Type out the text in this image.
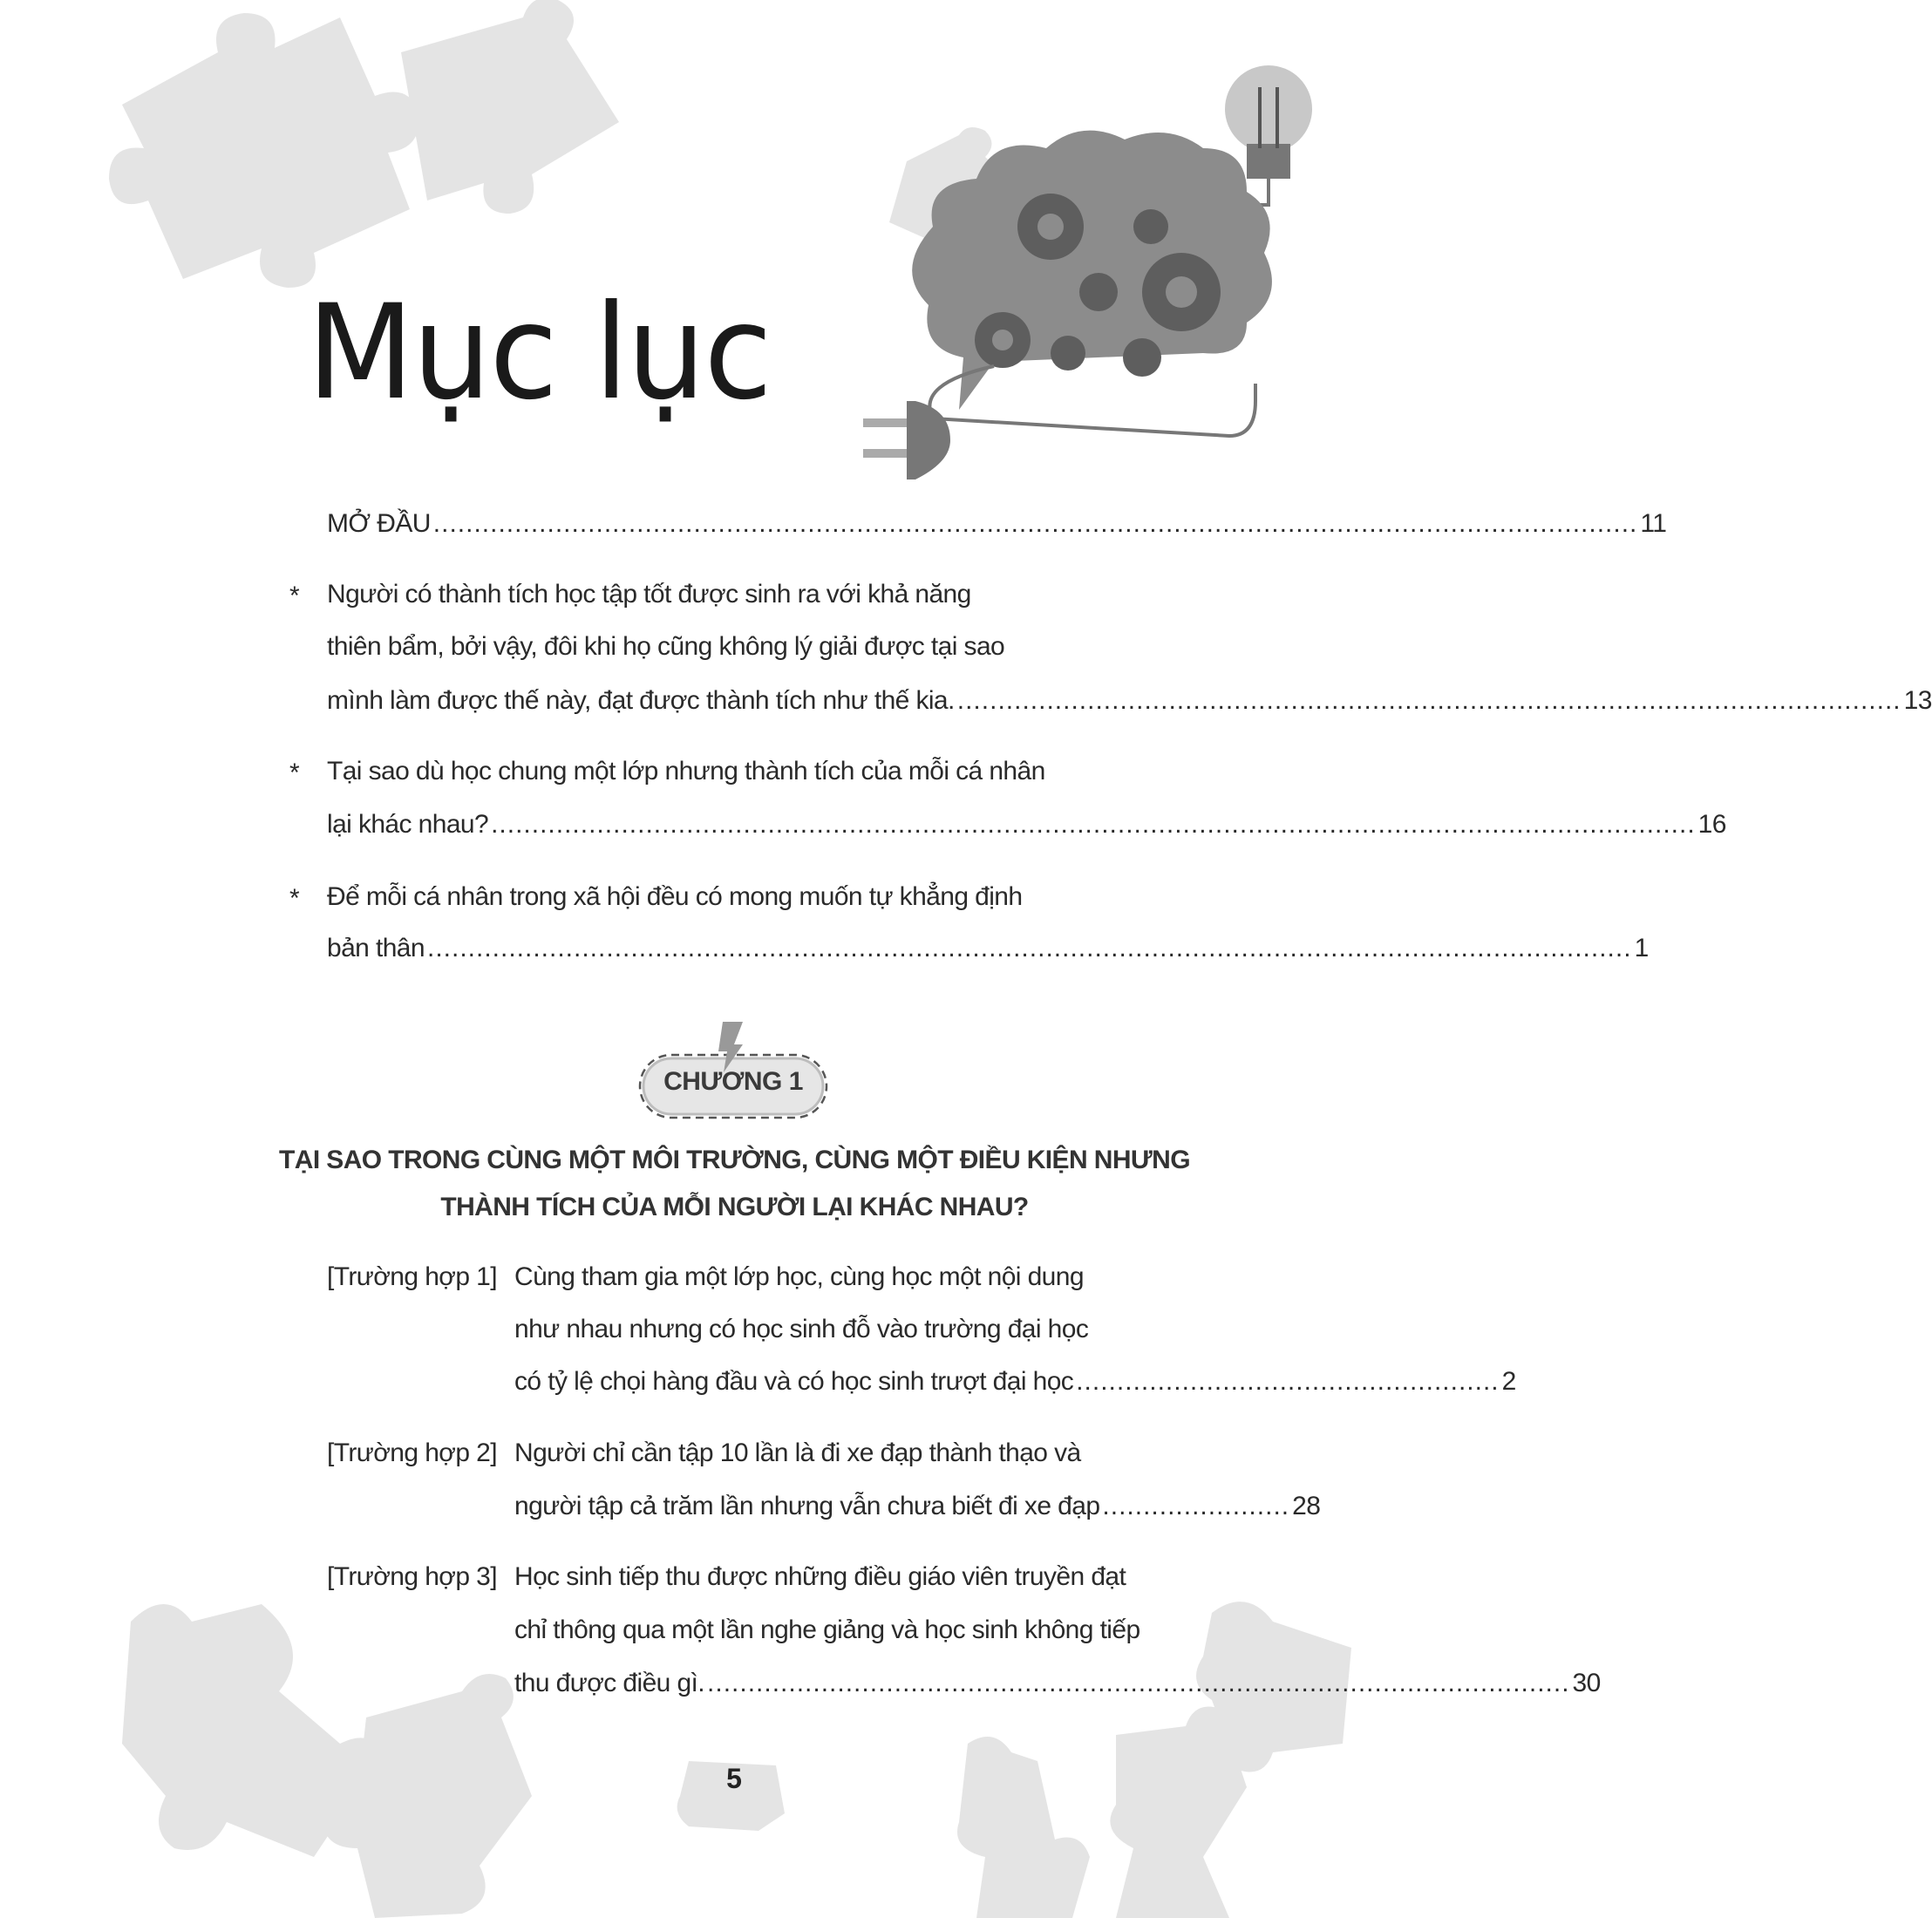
Mục lục
MỞ ĐẦU .................................................................................................................................................... 11
* Người có thành tích học tập tốt được sinh ra với khả năng
thiên bẩm, bởi vậy, đôi khi họ cũng không lý giải được tại sao
mình làm được thế này, đạt được thành tích như thế kia. .................................................................................................................... 13
* Tại sao dù học chung một lớp nhưng thành tích của mỗi cá nhân
lại khác nhau? .................................................................................................................................................... 16
* Để mỗi cá nhân trong xã hội đều có mong muốn tự khẳng định
bản thân .................................................................................................................................................... 1
CHƯƠNG 1
TẠI SAO TRONG CÙNG MỘT MÔI TRƯỜNG, CÙNG MỘT ĐIỀU KIỆN NHƯNG
THÀNH TÍCH CỦA MỖI NGƯỜI LẠI KHÁC NHAU?
[Trường hợp 1] Cùng tham gia một lớp học, cùng học một nội dung
như nhau nhưng có học sinh đỗ vào trường đại học
có tỷ lệ chọi hàng đầu và có học sinh trượt đại học .................................................... 2
[Trường hợp 2] Người chỉ cần tập 10 lần là đi xe đạp thành thạo và
người tập cả trăm lần nhưng vẫn chưa biết đi xe đạp ....................... 28
[Trường hợp 3] Học sinh tiếp thu được những điều giáo viên truyền đạt
chỉ thông qua một lần nghe giảng và học sinh không tiếp
thu được điều gì. .......................................................................................................... 30
5
